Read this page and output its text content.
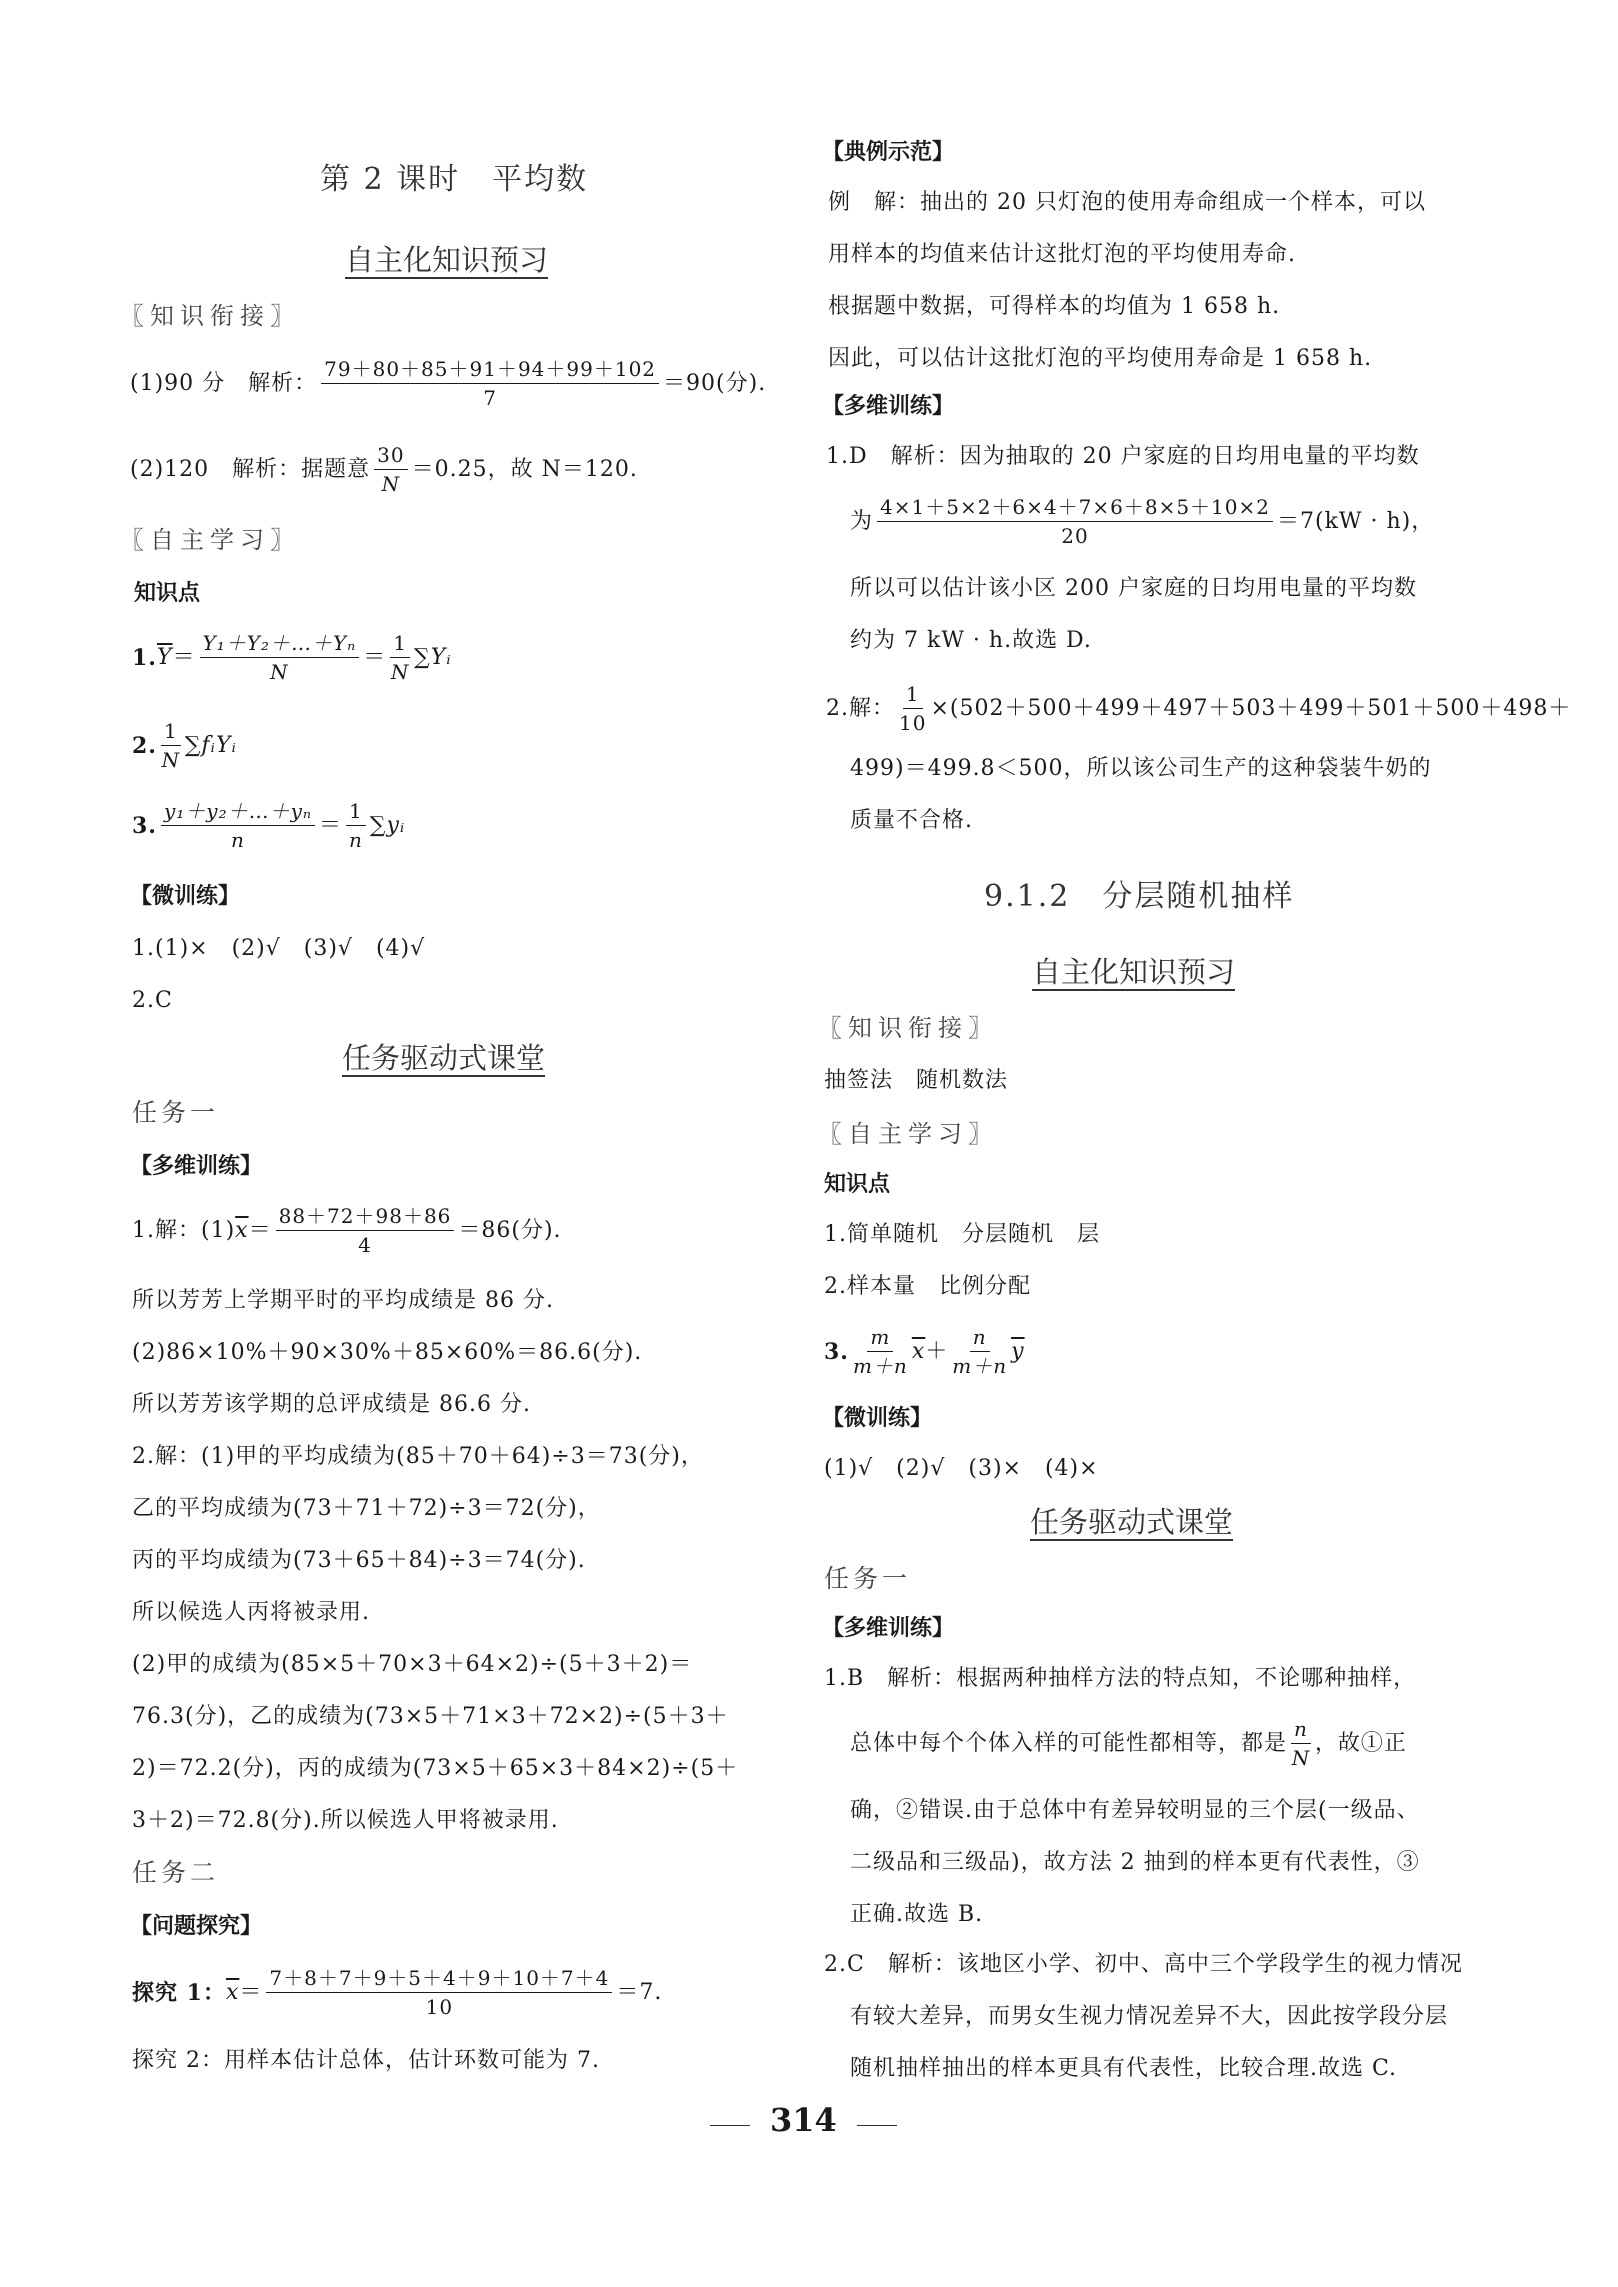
第 2 课时　平均数
自主化知识预习
〖知识衔接〗
(1)90 分　解析： $\frac{79+80+85+91+94+99+102}{7} =90$(分).
(2)120　解析：据题意 $\frac{30}{N} =0.25$，故 N＝120.
〖自主学习〗
知识点
1. $\overline{Y} = \frac{\text{Y₁＋Y₂＋…＋Yₙ}}{N} = \frac{1}{N}$ ∑Yᵢ
2. $\frac{1}{N}$ ∑fᵢYᵢ
3. $\frac{\text{y₁＋y₂＋…＋yₙ}}{n} = \frac{1}{n}$ ∑yᵢ
【微训练】
1.(1)×　(2)√　(3)√　(4)√
2.C
任务驱动式课堂
任务一
【多维训练】
1.解：(1) $\overline{x} = \frac{88+72+98+86}{4} =86$(分).
所以芳芳上学期平时的平均成绩是 86 分.
(2)86×10%＋90×30%＋85×60%＝86.6(分).
所以芳芳该学期的总评成绩是 86.6 分.
2.解：(1)甲的平均成绩为(85＋70＋64)÷3＝73(分)，
乙的平均成绩为(73＋71＋72)÷3＝72(分)，
丙的平均成绩为(73＋65＋84)÷3＝74(分).
所以候选人丙将被录用.
(2)甲的成绩为(85×5＋70×3＋64×2)÷(5＋3＋2)＝
76.3(分)，乙的成绩为(73×5＋71×3＋72×2)÷(5＋3＋
2)＝72.2(分)，丙的成绩为(73×5＋65×3＋84×2)÷(5＋
3＋2)＝72.8(分).所以候选人甲将被录用.
任务二
【问题探究】
探究 1： $\overline{x} = \frac{7+8+7+9+5+4+9+10+7+4}{10} =7$.
探究 2：用样本估计总体，估计环数可能为 7.
【典例示范】
例　解：抽出的 20 只灯泡的使用寿命组成一个样本，可以
用样本的均值来估计这批灯泡的平均使用寿命.
根据题中数据，可得样本的均值为 1 658 h.
因此，可以估计这批灯泡的平均使用寿命是 1 658 h.
【多维训练】
1.D　解析：因为抽取的 20 户家庭的日均用电量的平均数
为 $\frac{4\times 1+5\times 2+6\times 4+7\times 6+8\times 5+10\times 2}{20} =7(kW \cdot h)$，
所以可以估计该小区 200 户家庭的日均用电量的平均数
约为 7 kW · h.故选 D.
2.解： $\frac{1}{10} \times(502+500+499+497+503+499+501+500+498+$
499)＝499.8＜500，所以该公司生产的这种袋装牛奶的
质量不合格.
9.1.2　分层随机抽样
自主化知识预习
〖知识衔接〗
抽签法　随机数法
〖自主学习〗
知识点
1.简单随机　分层随机　层
2.样本量　比例分配
3. $\frac{m}{m+n} \overline{x} + \frac{n}{m+n} \overline{y}$
【微训练】
(1)√　(2)√　(3)×　(4)×
任务驱动式课堂
任务一
【多维训练】
1.B　解析：根据两种抽样方法的特点知，不论哪种抽样，
总体中每个个体入样的可能性都相等，都是 $\frac{n}{N}$ ，故①正
确，②错误.由于总体中有差异较明显的三个层(一级品、
二级品和三级品)，故方法 2 抽到的样本更有代表性，③
正确.故选 B.
2.C　解析：该地区小学、初中、高中三个学段学生的视力情况
有较大差异，而男女生视力情况差异不大，因此按学段分层
随机抽样抽出的样本更具有代表性，比较合理.故选 C.
314
